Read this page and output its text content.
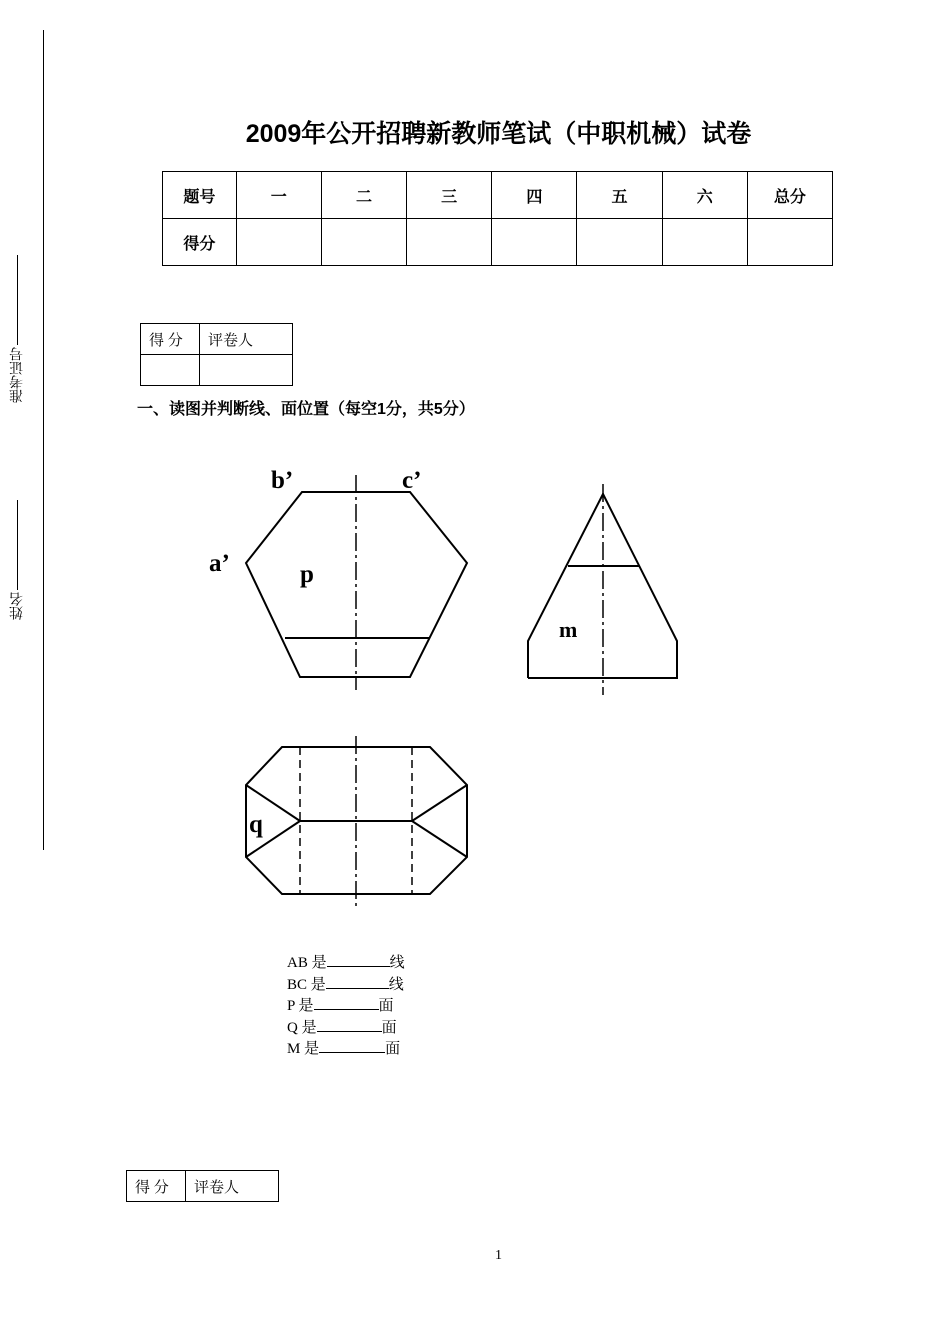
准考证号
姓名
2009年公开招聘新教师笔试（中职机械）试卷
题号	一	二	三	四	五	六	总分
得分							
得 分	评卷人

一、读图并判断线、面位置（每空1分，共5分）
b’	c’
a’	p
m
q
AB 是	线
BC 是	线
P 是	面
Q 是	面
M 是	面
得 分	评卷人
1
